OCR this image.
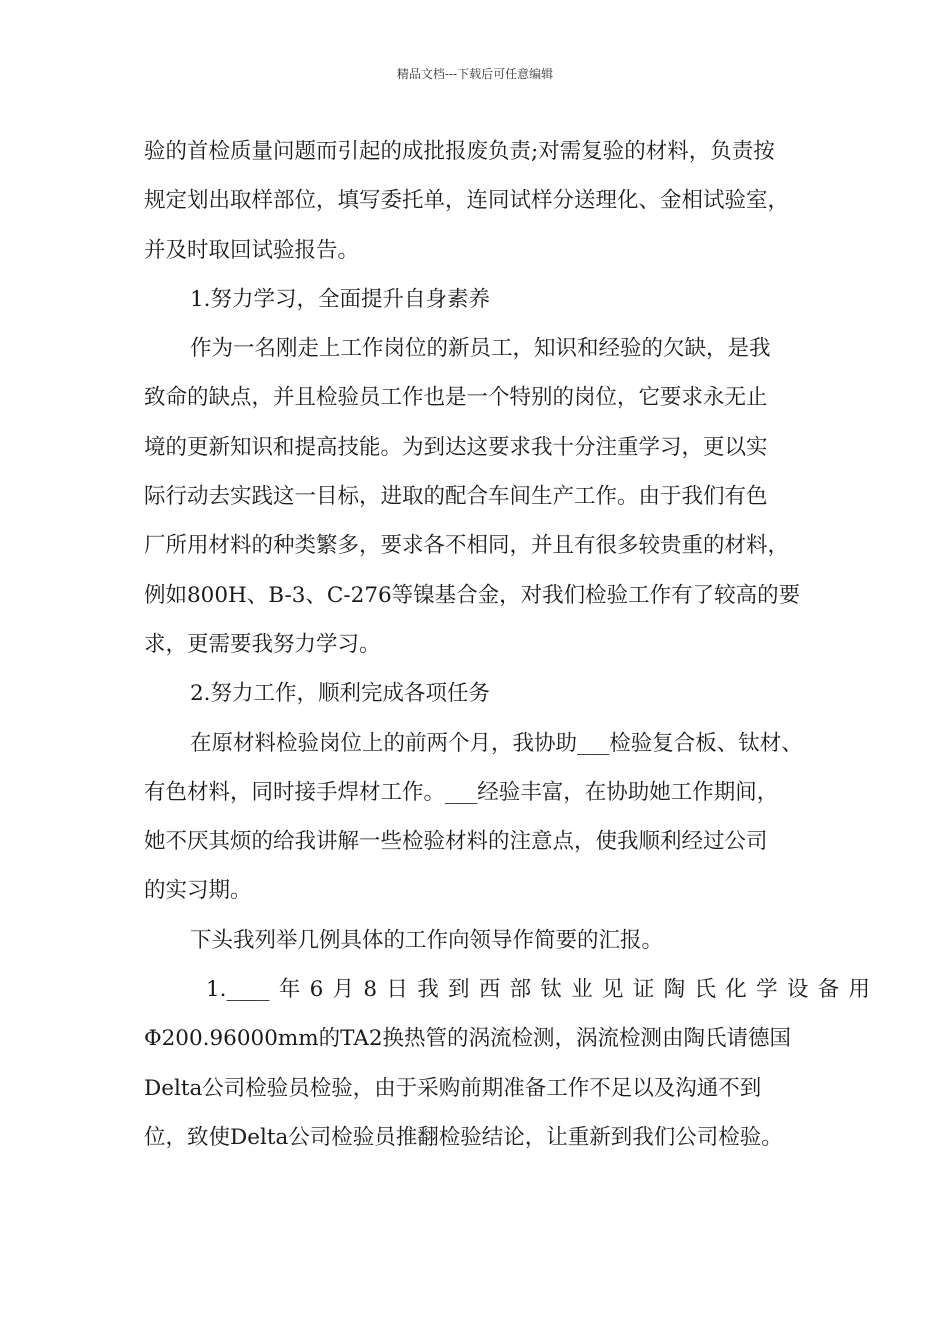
精品文档---下载后可任意编辑
验的首检质量问题而引起的成批报废负责;对需复验的材料，负责按
规定划出取样部位，填写委托单，连同试样分送理化、金相试验室，
并及时取回试验报告。
1.努力学习，全面提升自身素养
作为一名刚走上工作岗位的新员工，知识和经验的欠缺，是我
致命的缺点，并且检验员工作也是一个特别的岗位，它要求永无止
境的更新知识和提高技能。为到达这要求我十分注重学习，更以实
际行动去实践这一目标，进取的配合车间生产工作。由于我们有色
厂所用材料的种类繁多，要求各不相同，并且有很多较贵重的材料，
例如800H、B-3、C-276等镍基合金，对我们检验工作有了较高的要
求，更需要我努力学习。
2.努力工作，顺利完成各项任务
在原材料检验岗位上的前两个月，我协助___检验复合板、钛材、
有色材料，同时接手焊材工作。___经验丰富，在协助她工作期间，
她不厌其烦的给我讲解一些检验材料的注意点，使我顺利经过公司
的实习期。
下头我列举几例具体的工作向领导作简要的汇报。
1.____年6月8日我到西部钛业见证陶氏化学设备用
Φ200.96000mm的TA2换热管的涡流检测，涡流检测由陶氏请德国
Delta公司检验员检验，由于采购前期准备工作不足以及沟通不到
位，致使Delta公司检验员推翻检验结论，让重新到我们公司检验。
